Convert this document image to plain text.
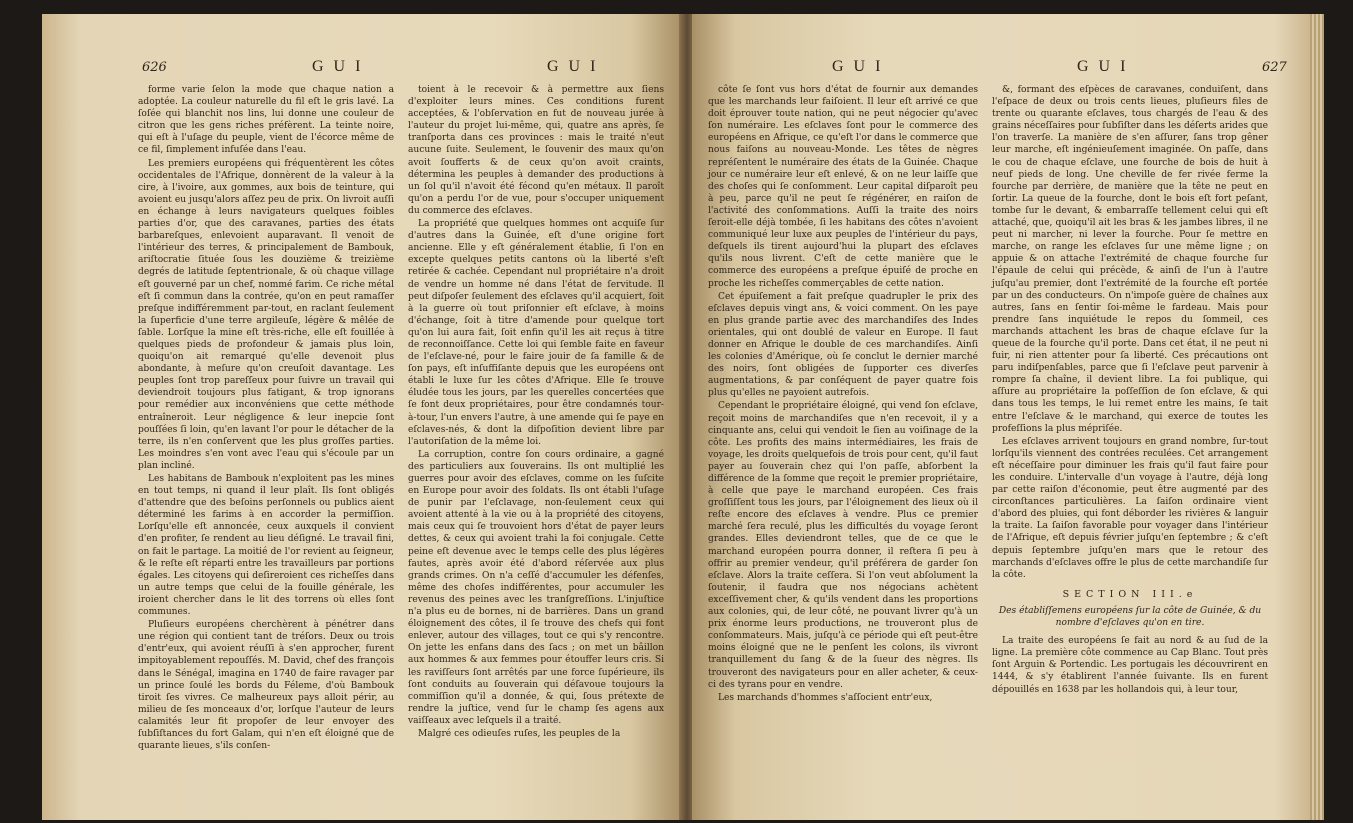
626	GUI	GUI

forme varie ſelon la mode que chaque nation a adoptée. La couleur naturelle du fil eſt le gris lavé. La ſoſée qui blanchit nos lins, lui donne une couleur de citron que les gens riches préfèrent. La teinte noire, qui eſt à l'uſage du peuple, vient de l'écorce même de ce fil, ſimplement infuſée dans l'eau.

Les premiers européens qui fréquentèrent les côtes occidentales de l'Afrique, donnèrent de la valeur à la cire, à l'ivoire, aux gommes, aux bois de teinture, qui avoient eu jusqu'alors aſſez peu de prix. On livroit auſſi en échange à leurs navigateurs quelques foibles parties d'or, que des caravanes, parties des états barbareſques, enlevoient auparavant. Il venoit de l'intérieur des terres, & principalement de Bambouk, ariſtocratie ſituée ſous les douzième & treizième degrés de latitude ſeptentrionale, & où chaque village eſt gouverné par un chef, nommé farim. Ce riche métal eſt ſi commun dans la contrée, qu'on en peut ramaſſer preſque indifféremment par-tout, en raclant ſeulement la ſuperficie d'une terre argileuſe, légère & mêlée de ſable. Lorſque la mine eſt très-riche, elle eſt fouillée à quelques pieds de profondeur & jamais plus loin, quoiqu'on ait remarqué qu'elle devenoit plus abondante, à meſure qu'on creuſoit davantage. Les peuples ſont trop pareſſeux pour ſuivre un travail qui deviendroit toujours plus fatigant, & trop ignorans pour remédier aux inconvéniens que cette méthode entraîneroit. Leur négligence & leur inepcie ſont pouſſées ſi loin, qu'en lavant l'or pour le détacher de la terre, ils n'en conſervent que les plus groſſes parties. Les moindres s'en vont avec l'eau qui s'écoule par un plan incliné.

Les habitans de Bambouk n'exploitent pas les mines en tout temps, ni quand il leur plaît. Ils ſont obligés d'attendre que des beſoins perſonnels ou publics aient déterminé les farims à en accorder la permiſſion. Lorſqu'elle eſt annoncée, ceux auxquels il convient d'en profiter, ſe rendent au lieu déſigné. Le travail fini, on fait le partage. La moitié de l'or revient au ſeigneur, & le reſte eſt réparti entre les travailleurs par portions égales. Les citoyens qui deſireroient ces richeſſes dans un autre temps que celui de la fouille générale, les iroient chercher dans le lit des torrens où elles ſont communes.

Pluſieurs européens cherchèrent à pénétrer dans une région qui contient tant de tréſors. Deux ou trois d'entr'eux, qui avoient réuſſi à s'en approcher, furent impitoyablement repouſſés. M. David, chef des françois dans le Sénégal, imagina en 1740 de faire ravager par un prince ſoulé les bords du Féleme, d'où Bambouk tiroit ſes vivres. Ce malheureux pays alloit périr, au milieu de ſes monceaux d'or, lorſque l'auteur de leurs calamités leur fit propoſer de leur envoyer des ſubſiſtances du fort Galam, qui n'en eſt éloigné que de quarante lieues, s'ils conſen-

toient à le recevoir & à permettre aux ſiens d'exploiter leurs mines. Ces conditions furent acceptées, & l'obſervation en fut de nouveau jurée à l'auteur du projet lui-même, qui, quatre ans après, ſe tranſporta dans ces provinces : mais le traité n'eut aucune ſuite. Seulement, le ſouvenir des maux qu'on avoit ſoufferts & de ceux qu'on avoit craints, détermina les peuples à demander des productions à un ſol qu'il n'avoit été fécond qu'en métaux. Il paroît qu'on a perdu l'or de vue, pour s'occuper uniquement du commerce des eſclaves.

La propriété que quelques hommes ont acquiſe ſur d'autres dans la Guinée, eſt d'une origine fort ancienne. Elle y eſt généralement établie, ſi l'on en excepte quelques petits cantons où la liberté s'eſt retirée & cachée. Cependant nul propriétaire n'a droit de vendre un homme né dans l'état de ſervitude. Il peut diſpoſer ſeulement des eſclaves qu'il acquiert, ſoit à la guerre où tout priſonnier eſt eſclave, à moins d'échange, ſoit à titre d'amende pour quelque tort qu'on lui aura fait, ſoit enfin qu'il les ait reçus à titre de reconnoiſſance. Cette loi qui ſemble faite en faveur de l'eſclave-né, pour le faire jouir de ſa famille & de ſon pays, eſt inſuffiſante depuis que les européens ont établi le luxe ſur les côtes d'Afrique. Elle ſe trouve éludée tous les jours, par les querelles concertées que ſe font deux propriétaires, pour être condamnés tour-à-tour, l'un envers l'autre, à une amende qui ſe paye en eſclaves-nés, & dont la diſpoſition devient libre par l'autoriſation de la même loi.

La corruption, contre ſon cours ordinaire, a gagné des particuliers aux ſouverains. Ils ont multiplié les guerres pour avoir des eſclaves, comme on les ſuſcite en Europe pour avoir des ſoldats. Ils ont établi l'uſage de punir par l'eſclavage, non-ſeulement ceux qui avoient attenté à la vie ou à la propriété des citoyens, mais ceux qui ſe trouvoient hors d'état de payer leurs dettes, & ceux qui avoient trahi la foi conjugale. Cette peine eſt devenue avec le temps celle des plus légères fautes, après avoir été d'abord réſervée aux plus grands crimes. On n'a ceſſé d'accumuler les défenſes, même des choſes indifférentes, pour accumuler les revenus des peines avec les tranſgreſſions. L'injuſtice n'a plus eu de bornes, ni de barrières. Dans un grand éloignement des côtes, il ſe trouve des chefs qui font enlever, autour des villages, tout ce qui s'y rencontre. On jette les enfans dans des ſacs ; on met un bâillon aux hommes & aux femmes pour étouffer leurs cris. Si les raviſſeurs ſont arrêtés par une force ſupérieure, ils ſont conduits au ſouverain qui déſavoue toujours la commiſſion qu'il a donnée, & qui, ſous prétexte de rendre la juſtice, vend ſur le champ ſes agens aux vaiſſeaux avec leſquels il a traité.

Malgré ces odieuſes ruſes, les peuples de la

GUI	GUI	627

côte ſe ſont vus hors d'état de fournir aux demandes que les marchands leur faiſoient. Il leur eſt arrivé ce que doit éprouver toute nation, qui ne peut négocier qu'avec ſon numéraire. Les eſclaves ſont pour le commerce des européens en Afrique, ce qu'eſt l'or dans le commerce que nous faiſons au nouveau-Monde. Les têtes de nègres repréſentent le numéraire des états de la Guinée. Chaque jour ce numéraire leur eſt enlevé, & on ne leur laiſſe que des choſes qui ſe conſomment. Leur capital diſparoît peu à peu, parce qu'il ne peut ſe régénérer, en raiſon de l'activité des conſommations. Auſſi la traite des noirs ſeroit-elle déjà tombée, ſi les habitans des côtes n'avoient communiqué leur luxe aux peuples de l'intérieur du pays, deſquels ils tirent aujourd'hui la plupart des eſclaves qu'ils nous livrent. C'eſt de cette manière que le commerce des européens a preſque épuiſé de proche en proche les richeſſes commerçables de cette nation.

Cet épuiſement a fait preſque quadrupler le prix des eſclaves depuis vingt ans, & voici comment. On les paye en plus grande partie avec des marchandiſes des Indes orientales, qui ont doublé de valeur en Europe. Il faut donner en Afrique le double de ces marchandiſes. Ainſi les colonies d'Amérique, où ſe conclut le dernier marché des noirs, ſont obligées de ſupporter ces diverſes augmentations, & par conſéquent de payer quatre fois plus qu'elles ne payoient autrefois.

Cependant le propriétaire éloigné, qui vend ſon eſclave, reçoit moins de marchandiſes que n'en recevoit, il y a cinquante ans, celui qui vendoit le ſien au voiſinage de la côte. Les profits des mains intermédiaires, les frais de voyage, les droits quelquefois de trois pour cent, qu'il faut payer au ſouverain chez qui l'on paſſe, abſorbent la différence de la ſomme que reçoit le premier propriétaire, à celle que paye le marchand européen. Ces frais groſſiſſent tous les jours, par l'éloignement des lieux où il reſte encore des eſclaves à vendre. Plus ce premier marché ſera reculé, plus les difficultés du voyage ſeront grandes. Elles deviendront telles, que de ce que le marchand européen pourra donner, il reſtera ſi peu à offrir au premier vendeur, qu'il préférera de garder ſon eſclave. Alors la traite ceſſera. Si l'on veut abſolument la ſoutenir, il faudra que nos négocians achètent exceſſivement cher, & qu'ils vendent dans les proportions aux colonies, qui, de leur côté, ne pouvant livrer qu'à un prix énorme leurs productions, ne trouveront plus de conſommateurs. Mais, juſqu'à ce période qui eſt peut-être moins éloigné que ne le penſent les colons, ils vivront tranquillement du ſang & de la ſueur des nègres. Ils trouveront des navigateurs pour en aller acheter, & ceux-ci des tyrans pour en vendre.

Les marchands d'hommes s'aſſocient entr'eux,

&, formant des eſpèces de caravanes, conduiſent, dans l'eſpace de deux ou trois cents lieues, pluſieurs files de trente ou quarante eſclaves, tous chargés de l'eau & des grains néceſſaires pour ſubſiſter dans les déſerts arides que l'on traverſe. La manière de s'en aſſurer, ſans trop gêner leur marche, eſt ingénieuſement imaginée. On paſſe, dans le cou de chaque eſclave, une fourche de bois de huit à neuf pieds de long. Une cheville de fer rivée ferme la fourche par derrière, de manière que la tête ne peut en ſortir. La queue de la fourche, dont le bois eſt fort peſant, tombe ſur le devant, & embarraſſe tellement celui qui eſt attaché, que, quoiqu'il ait les bras & les jambes libres, il ne peut ni marcher, ni lever la fourche. Pour ſe mettre en marche, on range les eſclaves ſur une même ligne ; on appuie & on attache l'extrémité de chaque fourche ſur l'épaule de celui qui précède, & ainſi de l'un à l'autre juſqu'au premier, dont l'extrémité de la fourche eſt portée par un des conducteurs. On n'impoſe guère de chaînes aux autres, ſans en ſentir ſoi-même le fardeau. Mais pour prendre ſans inquiétude le repos du ſommeil, ces marchands attachent les bras de chaque eſclave ſur la queue de la fourche qu'il porte. Dans cet état, il ne peut ni fuir, ni rien attenter pour ſa liberté. Ces précautions ont paru indiſpenſables, parce que ſi l'eſclave peut parvenir à rompre ſa chaîne, il devient libre. La foi publique, qui aſſure au propriétaire la poſſeſſion de ſon eſclave, & qui dans tous les temps, le lui remet entre les mains, ſe tait entre l'eſclave & le marchand, qui exerce de toutes les profeſſions la plus mépriſée.

Les eſclaves arrivent toujours en grand nombre, ſur-tout lorſqu'ils viennent des contrées reculées. Cet arrangement eſt néceſſaire pour diminuer les frais qu'il faut faire pour les conduire. L'intervalle d'un voyage à l'autre, déjà long par cette raiſon d'économie, peut être augmenté par des circonſtances particulières. La ſaiſon ordinaire vient d'abord des pluies, qui font déborder les rivières & languir la traite. La ſaiſon favorable pour voyager dans l'intérieur de l'Afrique, eſt depuis février juſqu'en ſeptembre ; & c'eſt depuis ſeptembre juſqu'en mars que le retour des marchands d'eſclaves offre le plus de cette marchandiſe ſur la côte.

SECTION III.e
Des établiſſemens européens ſur la côte de Guinée, & du nombre d'eſclaves qu'on en tire.

La traite des européens ſe fait au nord & au ſud de la ligne. La première côte commence au Cap Blanc. Tout près ſont Arguin & Portendic. Les portugais les découvrirent en 1444, & s'y établirent l'année ſuivante. Ils en furent dépouillés en 1638 par les hollandois qui, à leur tour,
